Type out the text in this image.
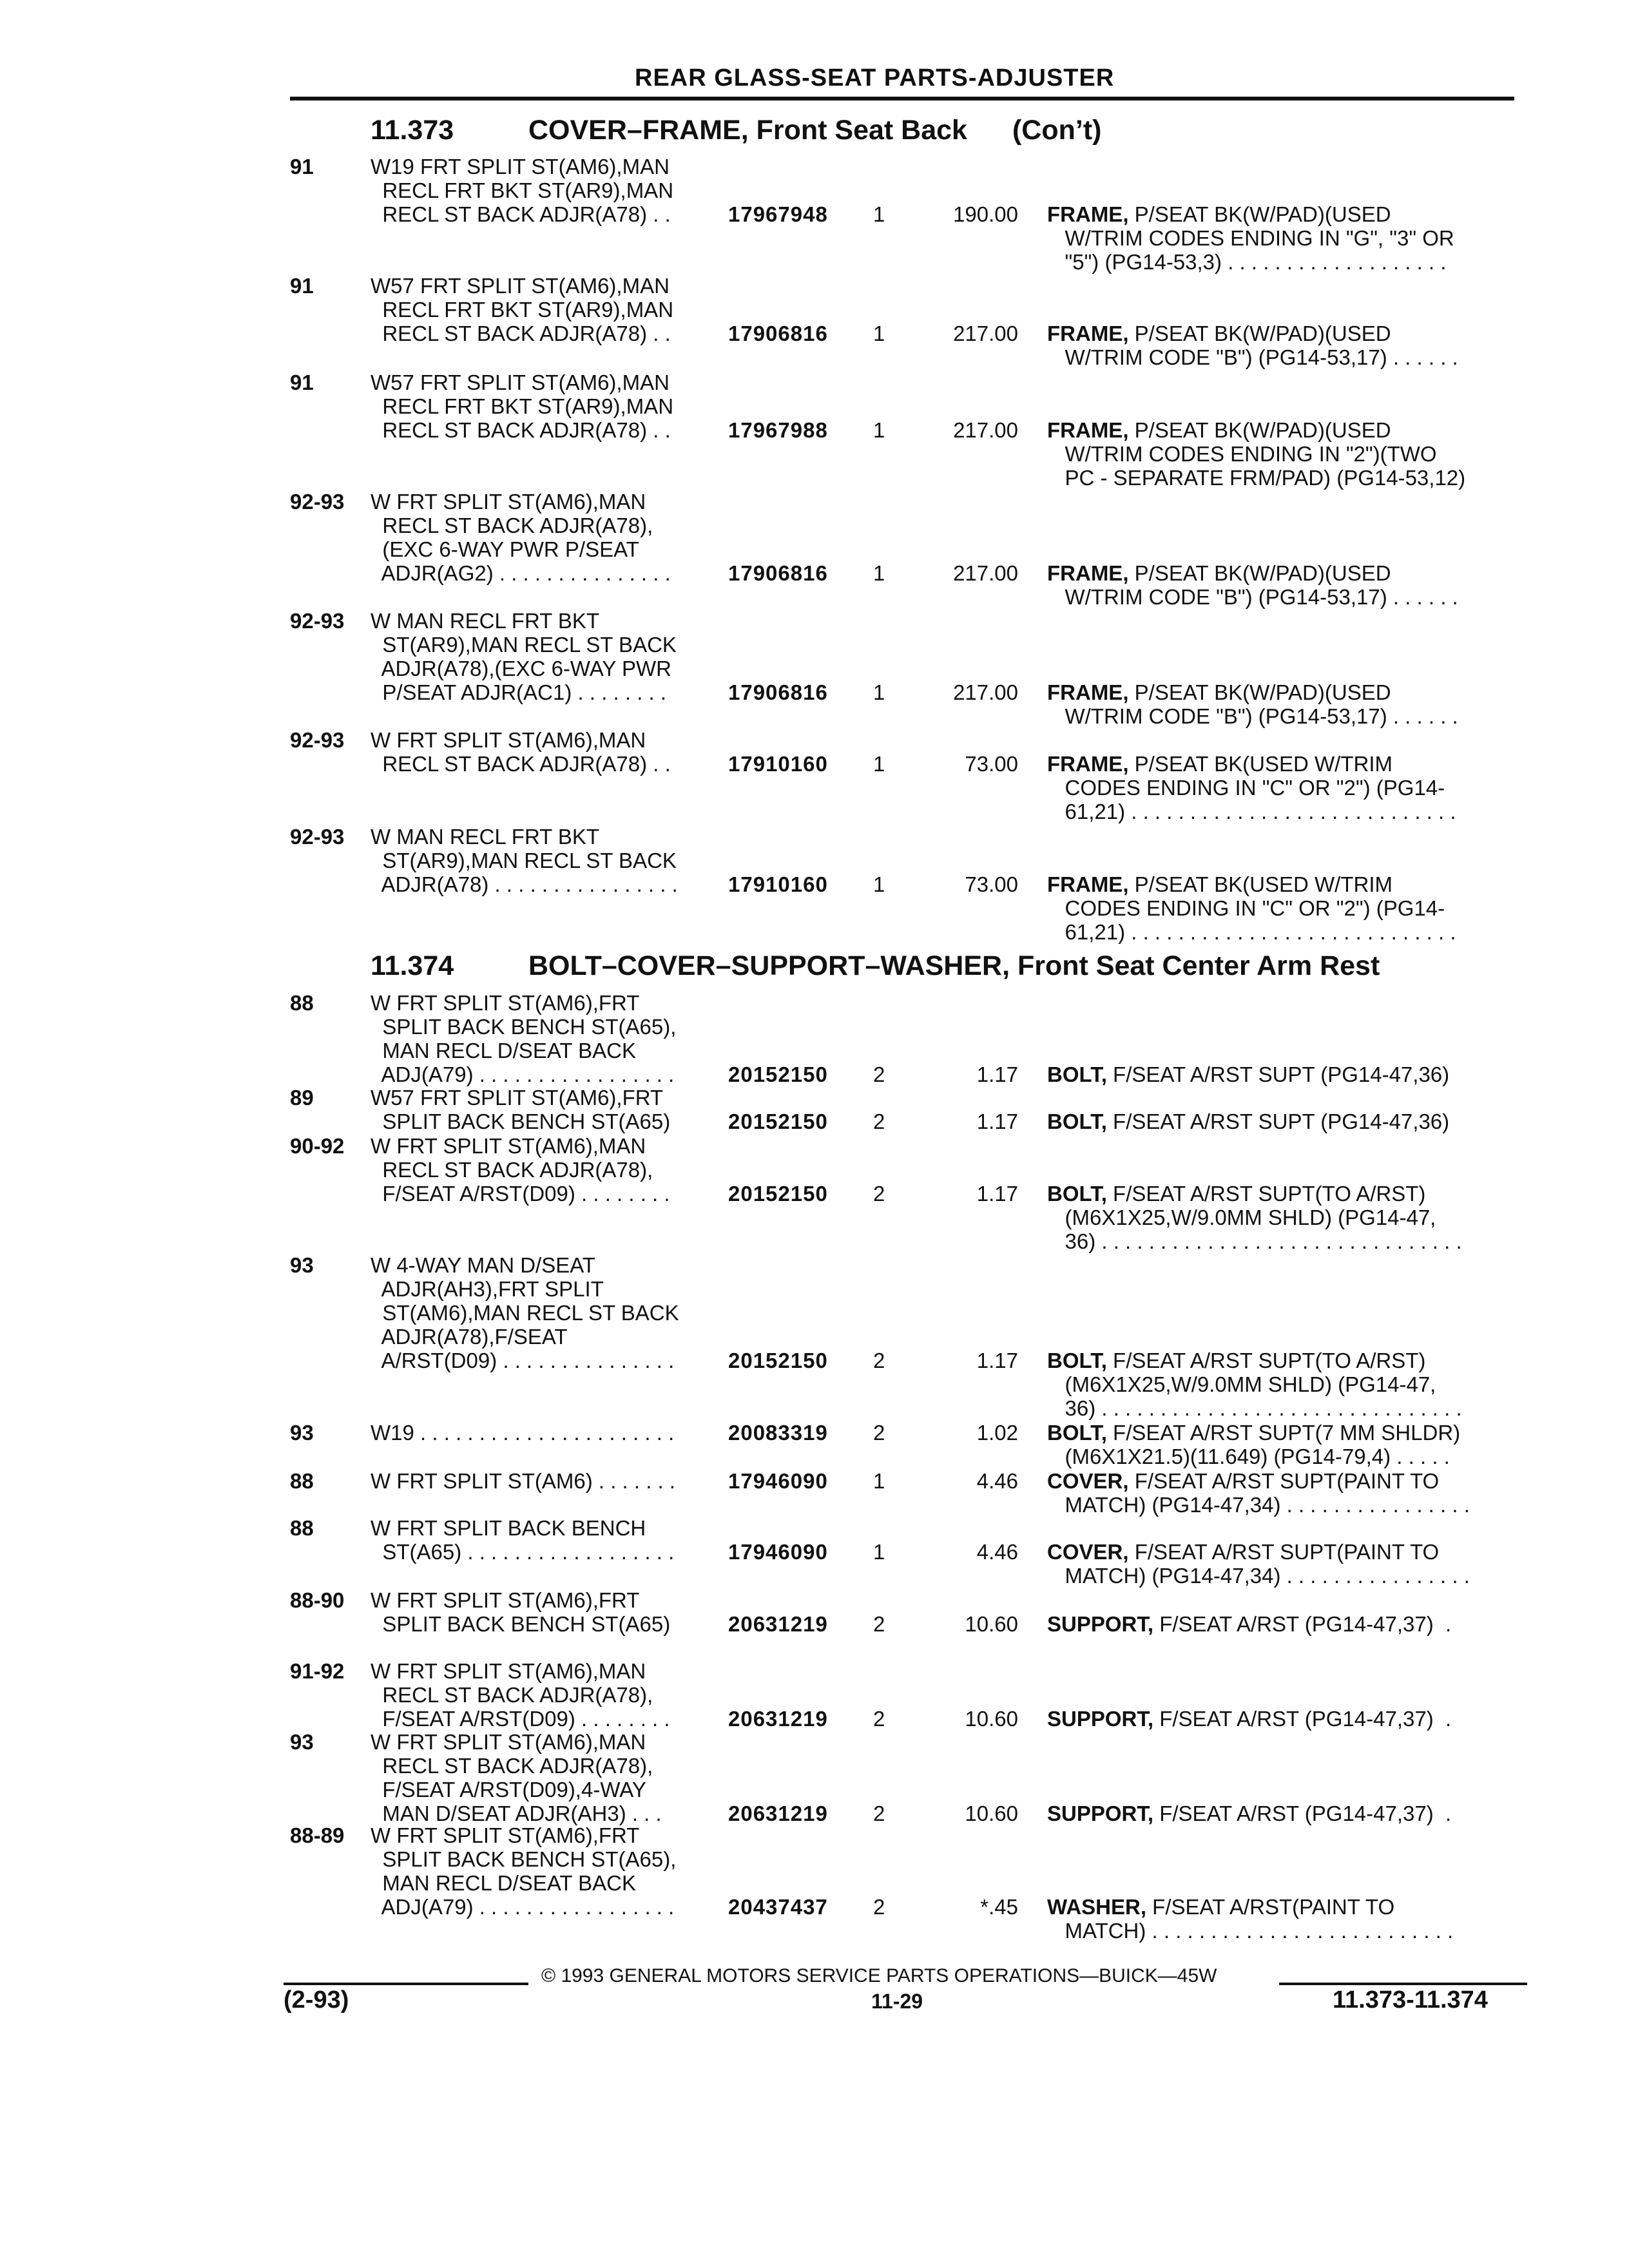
REAR GLASS-SEAT PARTS-ADJUSTER
11.373	COVER–FRAME, Front Seat Back (Con’t)
11.374	BOLT–COVER–SUPPORT–WASHER, Front Seat Center Arm Rest
91	W19 FRT SPLIT ST(AM6),MAN
RECL FRT BKT ST(AR9),MAN
RECL ST BACK ADJR(A78) . .	17967948 1	190.00 FRAME, P/SEAT BK(W/PAD)(USED
W/TRIM CODES ENDING IN "G", "3" OR
"5") (PG14-53,3) . . . . . . . . . . . . . . . . . . .
91	W57 FRT SPLIT ST(AM6),MAN
RECL FRT BKT ST(AR9),MAN
RECL ST BACK ADJR(A78) . .	17906816 1	217.00 FRAME, P/SEAT BK(W/PAD)(USED
W/TRIM CODE "B") (PG14-53,17) . . . . . .
91	W57 FRT SPLIT ST(AM6),MAN
RECL FRT BKT ST(AR9),MAN
RECL ST BACK ADJR(A78) . .	17967988 1	217.00 FRAME, P/SEAT BK(W/PAD)(USED
W/TRIM CODES ENDING IN "2")(TWO
PC - SEPARATE FRM/PAD) (PG14-53,12)
92-93 W FRT SPLIT ST(AM6),MAN
RECL ST BACK ADJR(A78),
(EXC 6-WAY PWR P/SEAT
ADJR(AG2) . . . . . . . . . . . . . . .	17906816 1	217.00 FRAME, P/SEAT BK(W/PAD)(USED
W/TRIM CODE "B") (PG14-53,17) . . . . . .
92-93 W MAN RECL FRT BKT
ST(AR9),MAN RECL ST BACK
ADJR(A78),(EXC 6-WAY PWR
P/SEAT ADJR(AC1) . . . . . . . .	17906816 1	217.00 FRAME, P/SEAT BK(W/PAD)(USED
W/TRIM CODE "B") (PG14-53,17) . . . . . .
92-93 W FRT SPLIT ST(AM6),MAN
RECL ST BACK ADJR(A78) . .	17910160 1	73.00 FRAME, P/SEAT BK(USED W/TRIM
CODES ENDING IN "C" OR "2") (PG14-
61,21) . . . . . . . . . . . . . . . . . . . . . . . . . . . .
92-93 W MAN RECL FRT BKT
ST(AR9),MAN RECL ST BACK
ADJR(A78) . . . . . . . . . . . . . . . .	17910160 1	73.00 FRAME, P/SEAT BK(USED W/TRIM
CODES ENDING IN "C" OR "2") (PG14-
61,21) . . . . . . . . . . . . . . . . . . . . . . . . . . . .
88	W FRT SPLIT ST(AM6),FRT
SPLIT BACK BENCH ST(A65),
MAN RECL D/SEAT BACK
ADJ(A79) . . . . . . . . . . . . . . . . .	20152150 2	1.17 BOLT, F/SEAT A/RST SUPT (PG14-47,36)
89	W57 FRT SPLIT ST(AM6),FRT
SPLIT BACK BENCH ST(A65)	20152150 2	1.17 BOLT, F/SEAT A/RST SUPT (PG14-47,36)
90-92 W FRT SPLIT ST(AM6),MAN
RECL ST BACK ADJR(A78),
F/SEAT A/RST(D09) . . . . . . . .	20152150 2	1.17 BOLT, F/SEAT A/RST SUPT(TO A/RST)
(M6X1X25,W/9.0MM SHLD) (PG14-47,
36) . . . . . . . . . . . . . . . . . . . . . . . . . . . . . . .
93	W 4-WAY MAN D/SEAT
ADJR(AH3),FRT SPLIT
ST(AM6),MAN RECL ST BACK
ADJR(A78),F/SEAT
A/RST(D09) . . . . . . . . . . . . . . .	20152150 2	1.17 BOLT, F/SEAT A/RST SUPT(TO A/RST)
(M6X1X25,W/9.0MM SHLD) (PG14-47,
36) . . . . . . . . . . . . . . . . . . . . . . . . . . . . . . .
93	W19 . . . . . . . . . . . . . . . . . . . . . .	20083319 2	1.02 BOLT, F/SEAT A/RST SUPT(7 MM SHLDR)
(M6X1X21.5)(11.649) (PG14-79,4) . . . . .
88	W FRT SPLIT ST(AM6) . . . . . . .	17946090 1	4.46 COVER, F/SEAT A/RST SUPT(PAINT TO
MATCH) (PG14-47,34) . . . . . . . . . . . . . . . .
88	W FRT SPLIT BACK BENCH
ST(A65) . . . . . . . . . . . . . . . . . .	17946090 1	4.46 COVER, F/SEAT A/RST SUPT(PAINT TO
MATCH) (PG14-47,34) . . . . . . . . . . . . . . . .
88-90 W FRT SPLIT ST(AM6),FRT
SPLIT BACK BENCH ST(A65)	20631219 2	10.60 SUPPORT, F/SEAT A/RST (PG14-47,37)  .
91-92 W FRT SPLIT ST(AM6),MAN
RECL ST BACK ADJR(A78),
F/SEAT A/RST(D09) . . . . . . . .	20631219 2	10.60 SUPPORT, F/SEAT A/RST (PG14-47,37)  .
93	W FRT SPLIT ST(AM6),MAN
RECL ST BACK ADJR(A78),
F/SEAT A/RST(D09),4-WAY
MAN D/SEAT ADJR(AH3) . . .	20631219 2	10.60 SUPPORT, F/SEAT A/RST (PG14-47,37)  .
88-89 W FRT SPLIT ST(AM6),FRT
SPLIT BACK BENCH ST(A65),
MAN RECL D/SEAT BACK
ADJ(A79) . . . . . . . . . . . . . . . . .	20437437 2	*.45 WASHER, F/SEAT A/RST(PAINT TO
MATCH) . . . . . . . . . . . . . . . . . . . . . . . . . .
© 1993 GENERAL MOTORS SERVICE PARTS OPERATIONS—BUICK—45W
(2-93)	11-29	11.373-11.374
